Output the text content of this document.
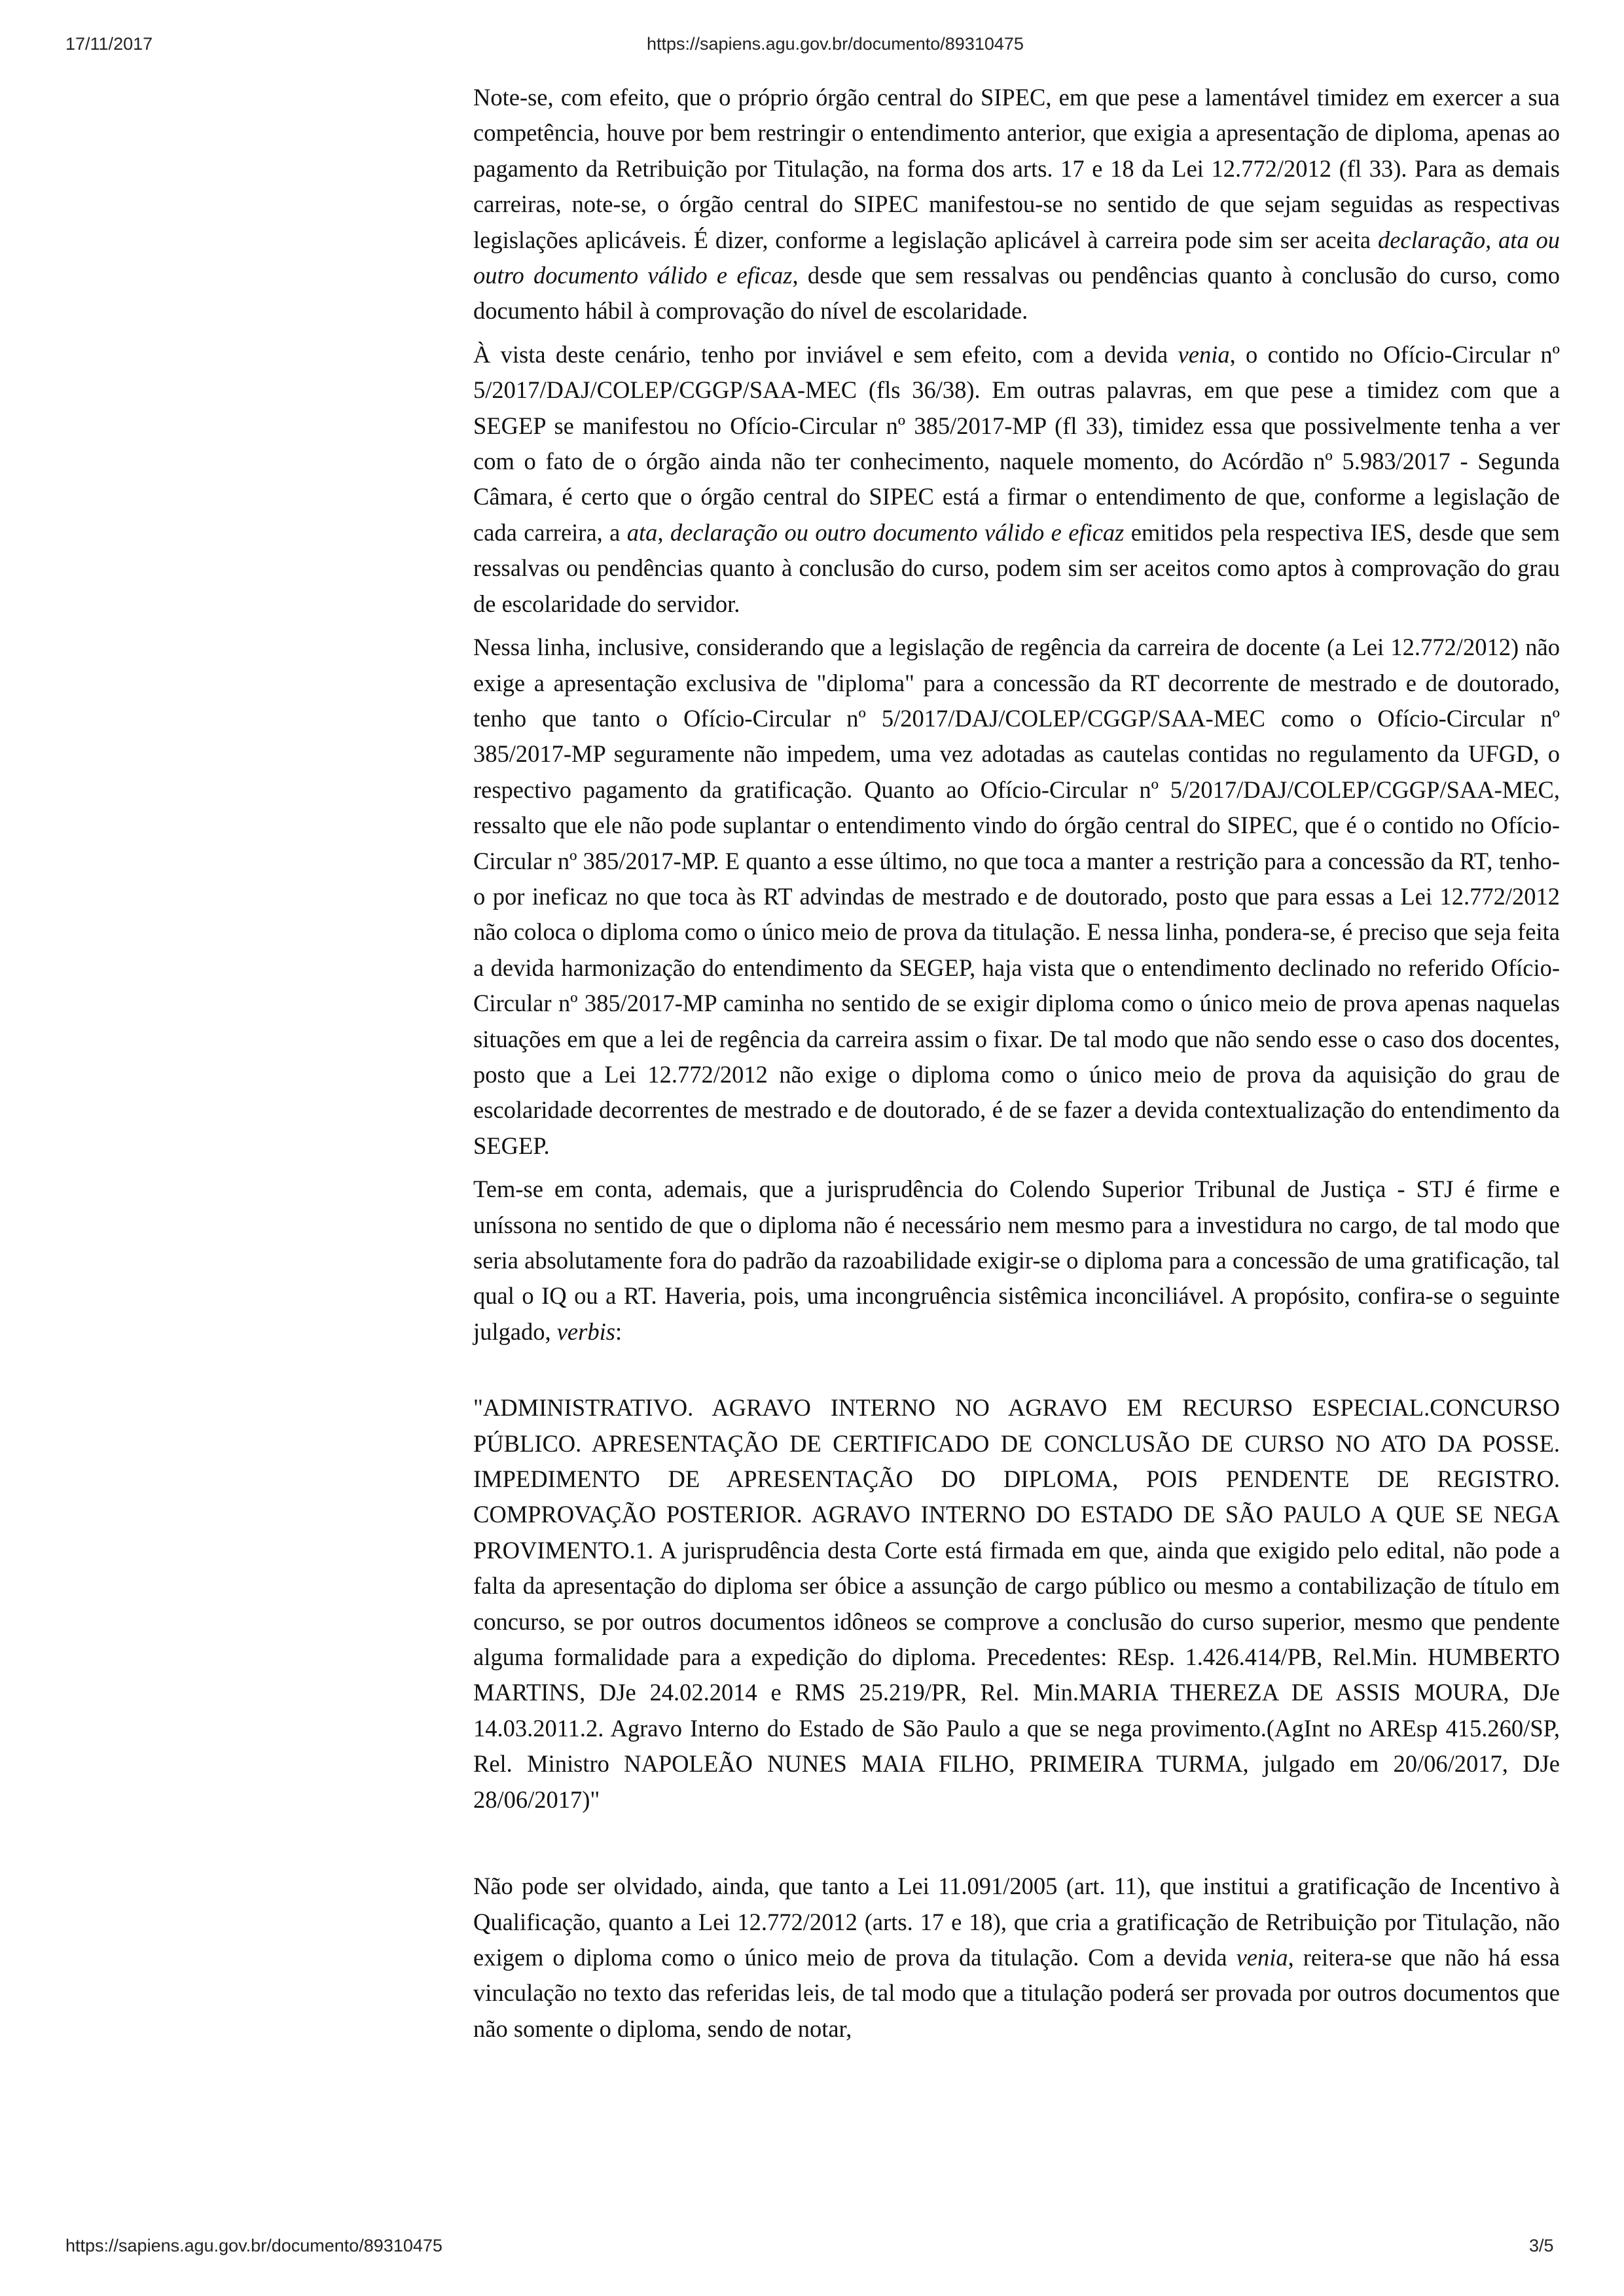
17/11/2017	https://sapiens.agu.gov.br/documento/89310475

Note-se, com efeito, que o próprio órgão central do SIPEC, em que pese a lamentável timidez em exercer a sua competência, houve por bem restringir o entendimento anterior, que exigia a apresentação de diploma, apenas ao pagamento da Retribuição por Titulação, na forma dos arts. 17 e 18 da Lei 12.772/2012 (fl 33). Para as demais carreiras, note-se, o órgão central do SIPEC manifestou-se no sentido de que sejam seguidas as respectivas legislações aplicáveis. É dizer, conforme a legislação aplicável à carreira pode sim ser aceita declaração, ata ou outro documento válido e eficaz, desde que sem ressalvas ou pendências quanto à conclusão do curso, como documento hábil à comprovação do nível de escolaridade.

À vista deste cenário, tenho por inviável e sem efeito, com a devida venia, o contido no Ofício-Circular nº 5/2017/DAJ/COLEP/CGGP/SAA-MEC (fls 36/38). Em outras palavras, em que pese a timidez com que a SEGEP se manifestou no Ofício-Circular nº 385/2017-MP (fl 33), timidez essa que possivelmente tenha a ver com o fato de o órgão ainda não ter conhecimento, naquele momento, do Acórdão nº 5.983/2017 - Segunda Câmara, é certo que o órgão central do SIPEC está a firmar o entendimento de que, conforme a legislação de cada carreira, a ata, declaração ou outro documento válido e eficaz emitidos pela respectiva IES, desde que sem ressalvas ou pendências quanto à conclusão do curso, podem sim ser aceitos como aptos à comprovação do grau de escolaridade do servidor.

Nessa linha, inclusive, considerando que a legislação de regência da carreira de docente (a Lei 12.772/2012) não exige a apresentação exclusiva de "diploma" para a concessão da RT decorrente de mestrado e de doutorado, tenho que tanto o Ofício-Circular nº 5/2017/DAJ/COLEP/CGGP/SAA-MEC como o Ofício-Circular nº 385/2017-MP seguramente não impedem, uma vez adotadas as cautelas contidas no regulamento da UFGD, o respectivo pagamento da gratificação. Quanto ao Ofício-Circular nº 5/2017/DAJ/COLEP/CGGP/SAA-MEC, ressalto que ele não pode suplantar o entendimento vindo do órgão central do SIPEC, que é o contido no Ofício-Circular nº 385/2017-MP. E quanto a esse último, no que toca a manter a restrição para a concessão da RT, tenho-o por ineficaz no que toca às RT advindas de mestrado e de doutorado, posto que para essas a Lei 12.772/2012 não coloca o diploma como o único meio de prova da titulação. E nessa linha, pondera-se, é preciso que seja feita a devida harmonização do entendimento da SEGEP, haja vista que o entendimento declinado no referido Ofício-Circular nº 385/2017-MP caminha no sentido de se exigir diploma como o único meio de prova apenas naquelas situações em que a lei de regência da carreira assim o fixar. De tal modo que não sendo esse o caso dos docentes, posto que a Lei 12.772/2012 não exige o diploma como o único meio de prova da aquisição do grau de escolaridade decorrentes de mestrado e de doutorado, é de se fazer a devida contextualização do entendimento da SEGEP.

Tem-se em conta, ademais, que a jurisprudência do Colendo Superior Tribunal de Justiça - STJ é firme e uníssona no sentido de que o diploma não é necessário nem mesmo para a investidura no cargo, de tal modo que seria absolutamente fora do padrão da razoabilidade exigir-se o diploma para a concessão de uma gratificação, tal qual o IQ ou a RT. Haveria, pois, uma incongruência sistêmica inconciliável. A propósito, confira-se o seguinte julgado, verbis:

"ADMINISTRATIVO. AGRAVO INTERNO NO AGRAVO EM RECURSO ESPECIAL.CONCURSO PÚBLICO. APRESENTAÇÃO DE CERTIFICADO DE CONCLUSÃO DE CURSO NO ATO DA POSSE. IMPEDIMENTO DE APRESENTAÇÃO DO DIPLOMA, POIS PENDENTE DE REGISTRO. COMPROVAÇÃO POSTERIOR. AGRAVO INTERNO DO ESTADO DE SÃO PAULO A QUE SE NEGA PROVIMENTO.1. A jurisprudência desta Corte está firmada em que, ainda que exigido pelo edital, não pode a falta da apresentação do diploma ser óbice a assunção de cargo público ou mesmo a contabilização de título em concurso, se por outros documentos idôneos se comprove a conclusão do curso superior, mesmo que pendente alguma formalidade para a expedição do diploma. Precedentes: REsp. 1.426.414/PB, Rel.Min. HUMBERTO MARTINS, DJe 24.02.2014 e RMS 25.219/PR, Rel. Min.MARIA THEREZA DE ASSIS MOURA, DJe 14.03.2011.2. Agravo Interno do Estado de São Paulo a que se nega provimento.(AgInt no AREsp 415.260/SP, Rel. Ministro NAPOLEÃO NUNES MAIA FILHO, PRIMEIRA TURMA, julgado em 20/06/2017, DJe 28/06/2017)"

Não pode ser olvidado, ainda, que tanto a Lei 11.091/2005 (art. 11), que institui a gratificação de Incentivo à Qualificação, quanto a Lei 12.772/2012 (arts. 17 e 18), que cria a gratificação de Retribuição por Titulação, não exigem o diploma como o único meio de prova da titulação. Com a devida venia, reitera-se que não há essa vinculação no texto das referidas leis, de tal modo que a titulação poderá ser provada por outros documentos que não somente o diploma, sendo de notar,

https://sapiens.agu.gov.br/documento/89310475	3/5
